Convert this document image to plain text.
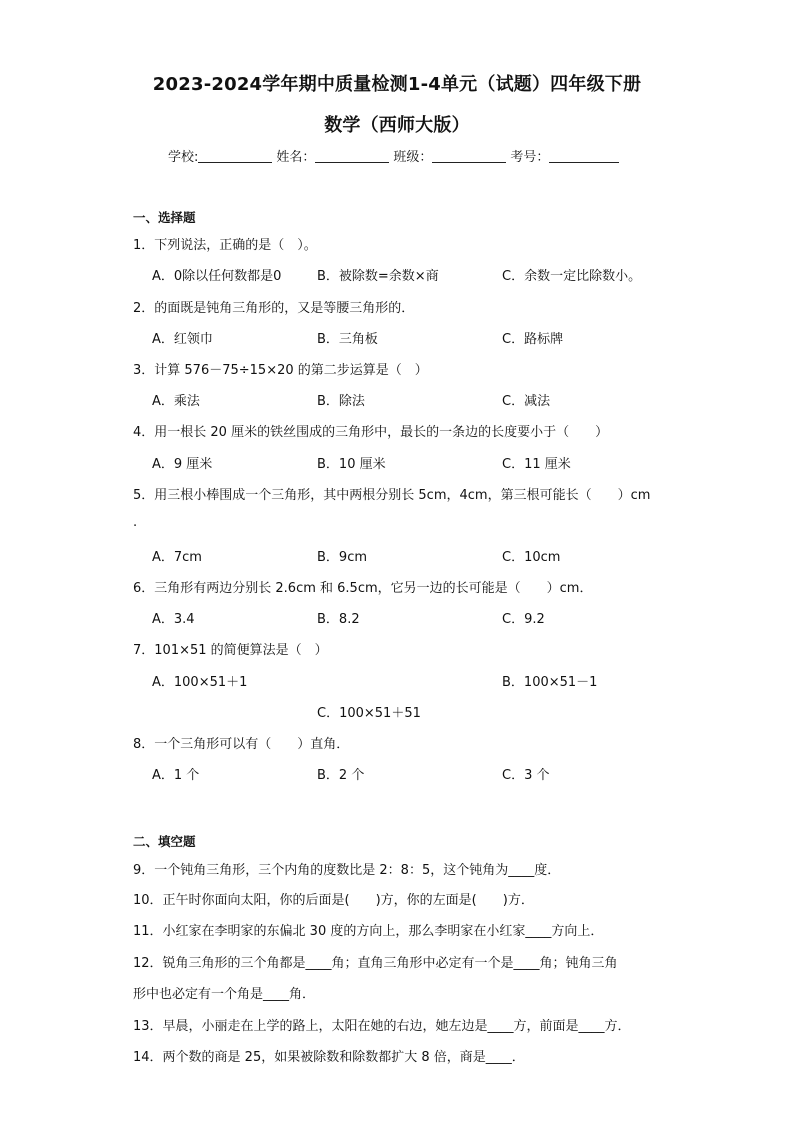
2023-2024学年期中质量检测1-4单元（试题）四年级下册
数学（西师大版）
学校:	姓名：	班级：	考号：
一、选择题
1．下列说法，正确的是（　）。
A．0除以任何数都是0	B．被除数=余数×商	C．余数一定比除数小。
2．的面既是钝角三角形的，又是等腰三角形的．
A．红领巾	B．三角板	C．路标牌
3．计算 576－75÷15×20 的第二步运算是（　）
A．乘法	B．除法	C．减法
4．用一根长 20 厘米的铁丝围成的三角形中，最长的一条边的长度要小于（　　）
A．9 厘米	B．10 厘米	C．11 厘米
5．用三根小棒围成一个三角形，其中两根分别长 5cm，4cm，第三根可能长（　　）cm
.
A．7cm	B．9cm	C．10cm
6．三角形有两边分别长 2.6cm 和 6.5cm，它另一边的长可能是（　　）cm．
A．3.4	B．8.2	C．9.2
7．101×51 的简便算法是（　）
A．100×51＋1	B．100×51－1
C．100×51＋51
8．一个三角形可以有（　　）直角．
A．1 个	B．2 个	C．3 个
二、填空题
9．一个钝角三角形，三个内角的度数比是 2：8：5，这个钝角为____度．
10．正午时你面向太阳，你的后面是(　　)方，你的左面是(　　)方．
11．小红家在李明家的东偏北 30 度的方向上，那么李明家在小红家____方向上．
12．锐角三角形的三个角都是____角；直角三角形中必定有一个是____角；钝角三角
形中也必定有一个角是____角．
13．早晨，小丽走在上学的路上，太阳在她的右边，她左边是____方，前面是____方．
14．两个数的商是 25，如果被除数和除数都扩大 8 倍，商是____．
